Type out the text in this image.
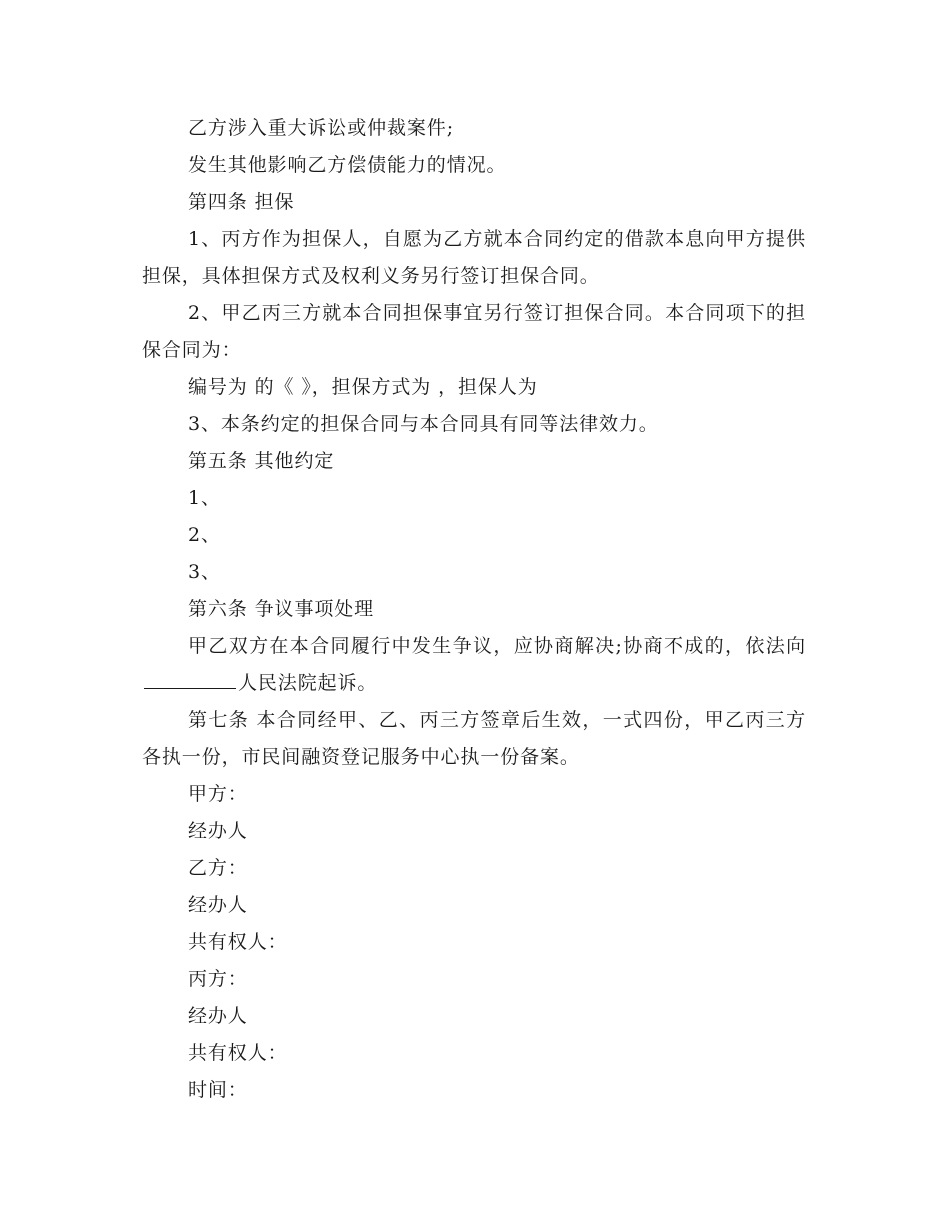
乙方涉入重大诉讼或仲裁案件;

发生其他影响乙方偿债能力的情况。

第四条 担保

1、丙方作为担保人，自愿为乙方就本合同约定的借款本息向甲方提供担保，具体担保方式及权利义务另行签订担保合同。

2、甲乙丙三方就本合同担保事宜另行签订担保合同。本合同项下的担保合同为：

编号为 的《 》，担保方式为 ，担保人为

3、本条约定的担保合同与本合同具有同等法律效力。

第五条 其他约定

1、

2、

3、

第六条 争议事项处理

甲乙双方在本合同履行中发生争议，应协商解决;协商不成的，依法向人民法院起诉。

第七条 本合同经甲、乙、丙三方签章后生效，一式四份，甲乙丙三方各执一份，市民间融资登记服务中心执一份备案。

甲方：

经办人

乙方：

经办人

共有权人：

丙方：

经办人

共有权人：

时间：
